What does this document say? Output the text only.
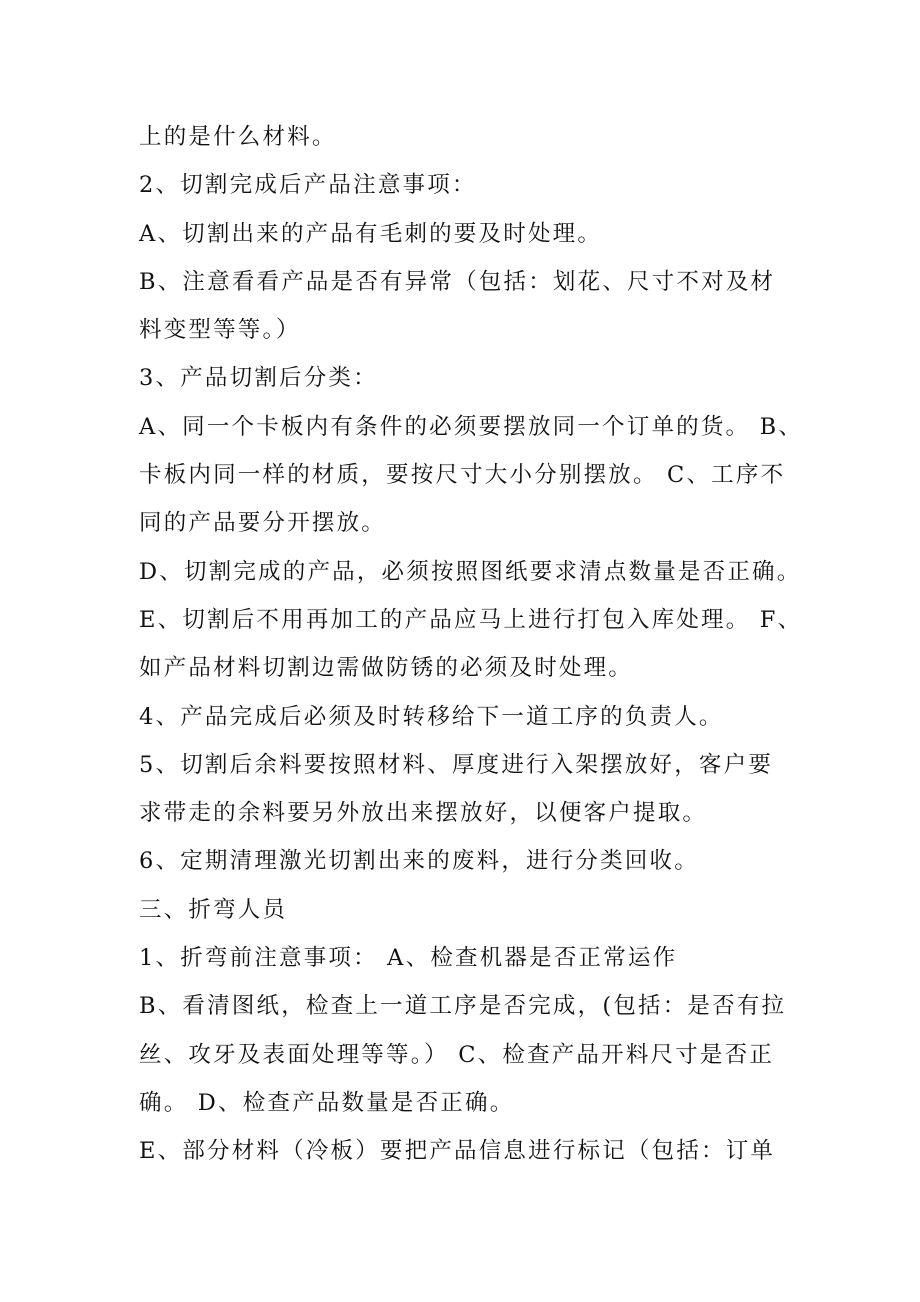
上的是什么材料。
2、切割完成后产品注意事项：
A、切割出来的产品有毛刺的要及时处理。
B、注意看看产品是否有异常（包括：划花、尺寸不对及材
料变型等等。）
3、产品切割后分类：
A、同一个卡板内有条件的必须要摆放同一个订单的货。 B、
卡板内同一样的材质，要按尺寸大小分别摆放。 C、工序不
同的产品要分开摆放。
D、切割完成的产品，必须按照图纸要求清点数量是否正确。
E、切割后不用再加工的产品应马上进行打包入库处理。 F、
如产品材料切割边需做防锈的必须及时处理。
4、产品完成后必须及时转移给下一道工序的负责人。
5、切割后余料要按照材料、厚度进行入架摆放好，客户要
求带走的余料要另外放出来摆放好，以便客户提取。
6、定期清理激光切割出来的废料，进行分类回收。
三、折弯人员
1、折弯前注意事项： A、检查机器是否正常运作
B、看清图纸，检查上一道工序是否完成，(包括：是否有拉
丝、攻牙及表面处理等等。） C、检查产品开料尺寸是否正
确。 D、检查产品数量是否正确。
E、部分材料（冷板）要把产品信息进行标记（包括：订单
